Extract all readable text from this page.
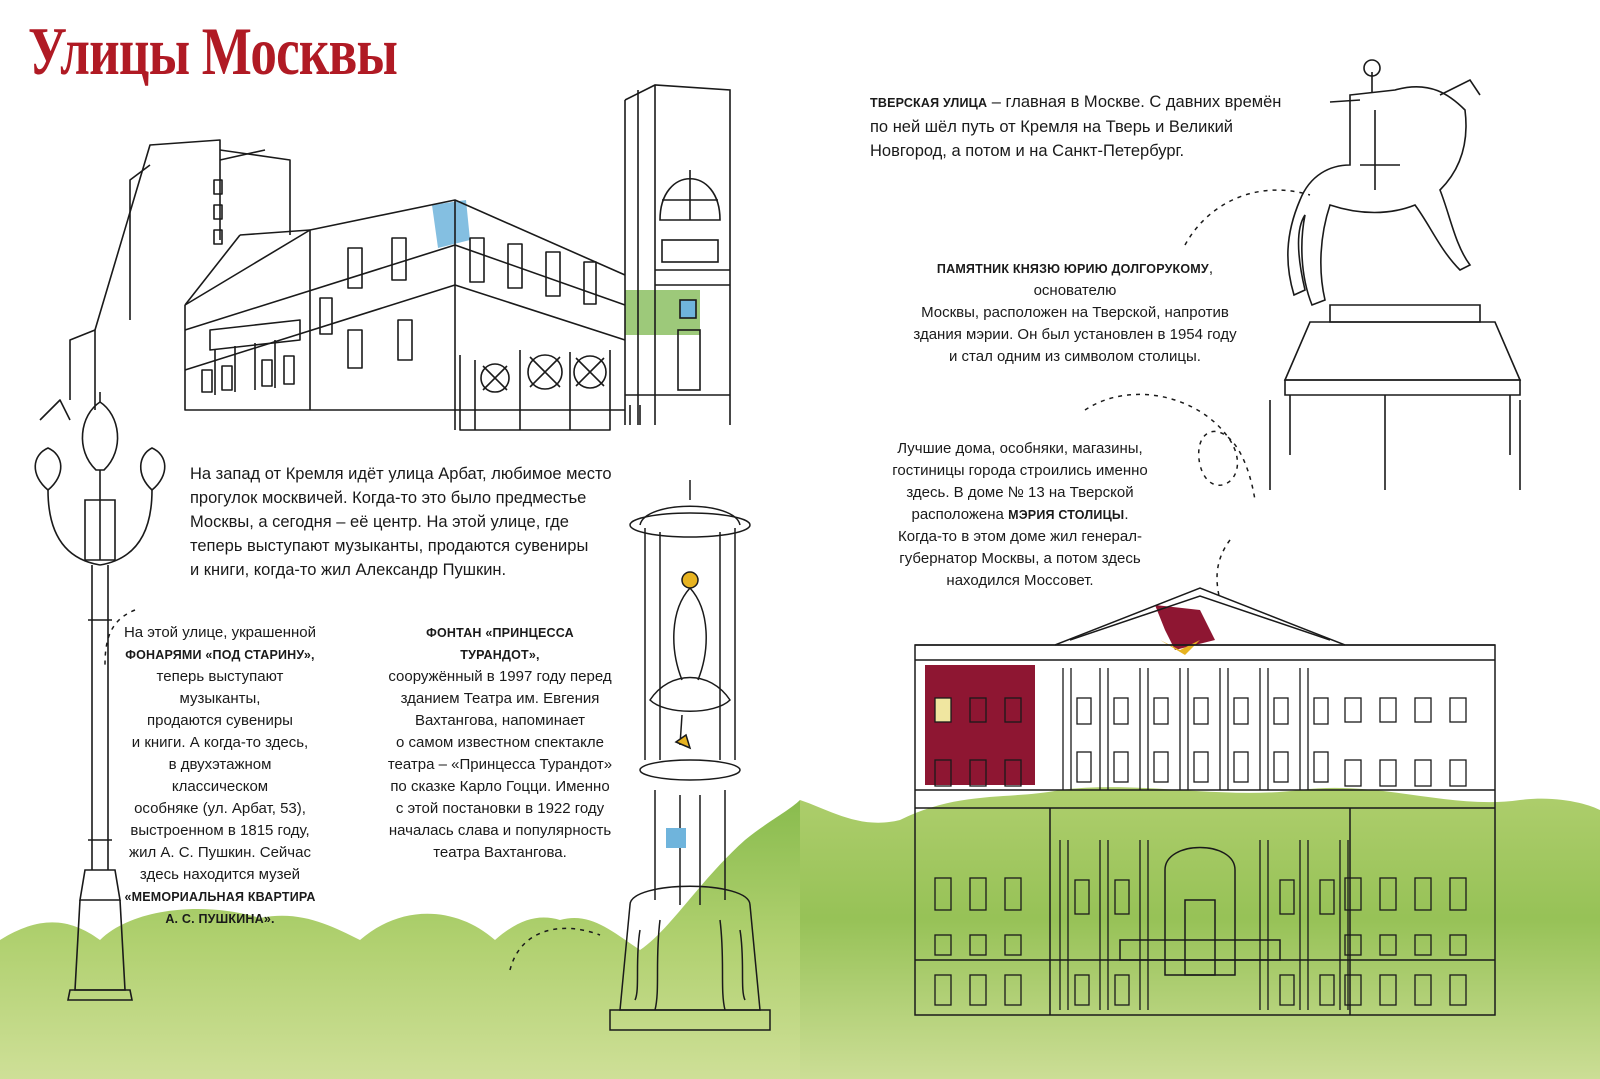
Улицы Москвы
На запад от Кремля идёт улица Арбат, любимое место
прогулок москвичей. Когда-то это было предместье
Москвы, а сегодня – её центр. На этой улице, где
теперь выступают музыканты, продаются сувениры
и книги, когда-то жил Александр Пушкин.
На этой улице, украшенной
ФОНАРЯМИ «ПОД СТАРИНУ»,
теперь выступают музыканты,
продаются сувениры
и книги. А когда-то здесь,
в двухэтажном классическом
особняке (ул. Арбат, 53),
выстроенном в 1815 году,
жил А. С. Пушкин. Сейчас
здесь находится музей
«МЕМОРИАЛЬНАЯ КВАРТИРА
А. С. ПУШКИНА».
ФОНТАН «ПРИНЦЕССА ТУРАНДОТ»,
сооружённый в 1997 году перед
зданием Театра им. Евгения
Вахтангова, напоминает
о самом известном спектакле
театра – «Принцесса Турандот»
по сказке Карло Гоцци. Именно
с этой постановки в 1922 году
началась слава и популярность
театра Вахтангова.
ТВЕРСКАЯ УЛИЦА – главная в Москве. С давних времён
по ней шёл путь от Кремля на Тверь и Великий
Новгород, а потом и на Санкт-Петербург.
ПАМЯТНИК КНЯЗЮ ЮРИЮ ДОЛГОРУКОМУ, основателю
Москвы, расположен на Тверской, напротив
здания мэрии. Он был установлен в 1954 году
и стал одним из символом столицы.
Лучшие дома, особняки, магазины,
гостиницы города строились именно
здесь. В доме № 13 на Тверской
расположена МЭРИЯ СТОЛИЦЫ.
Когда-то в этом доме жил генерал-
губернатор Москвы, а потом здесь
находился Моссовет.
